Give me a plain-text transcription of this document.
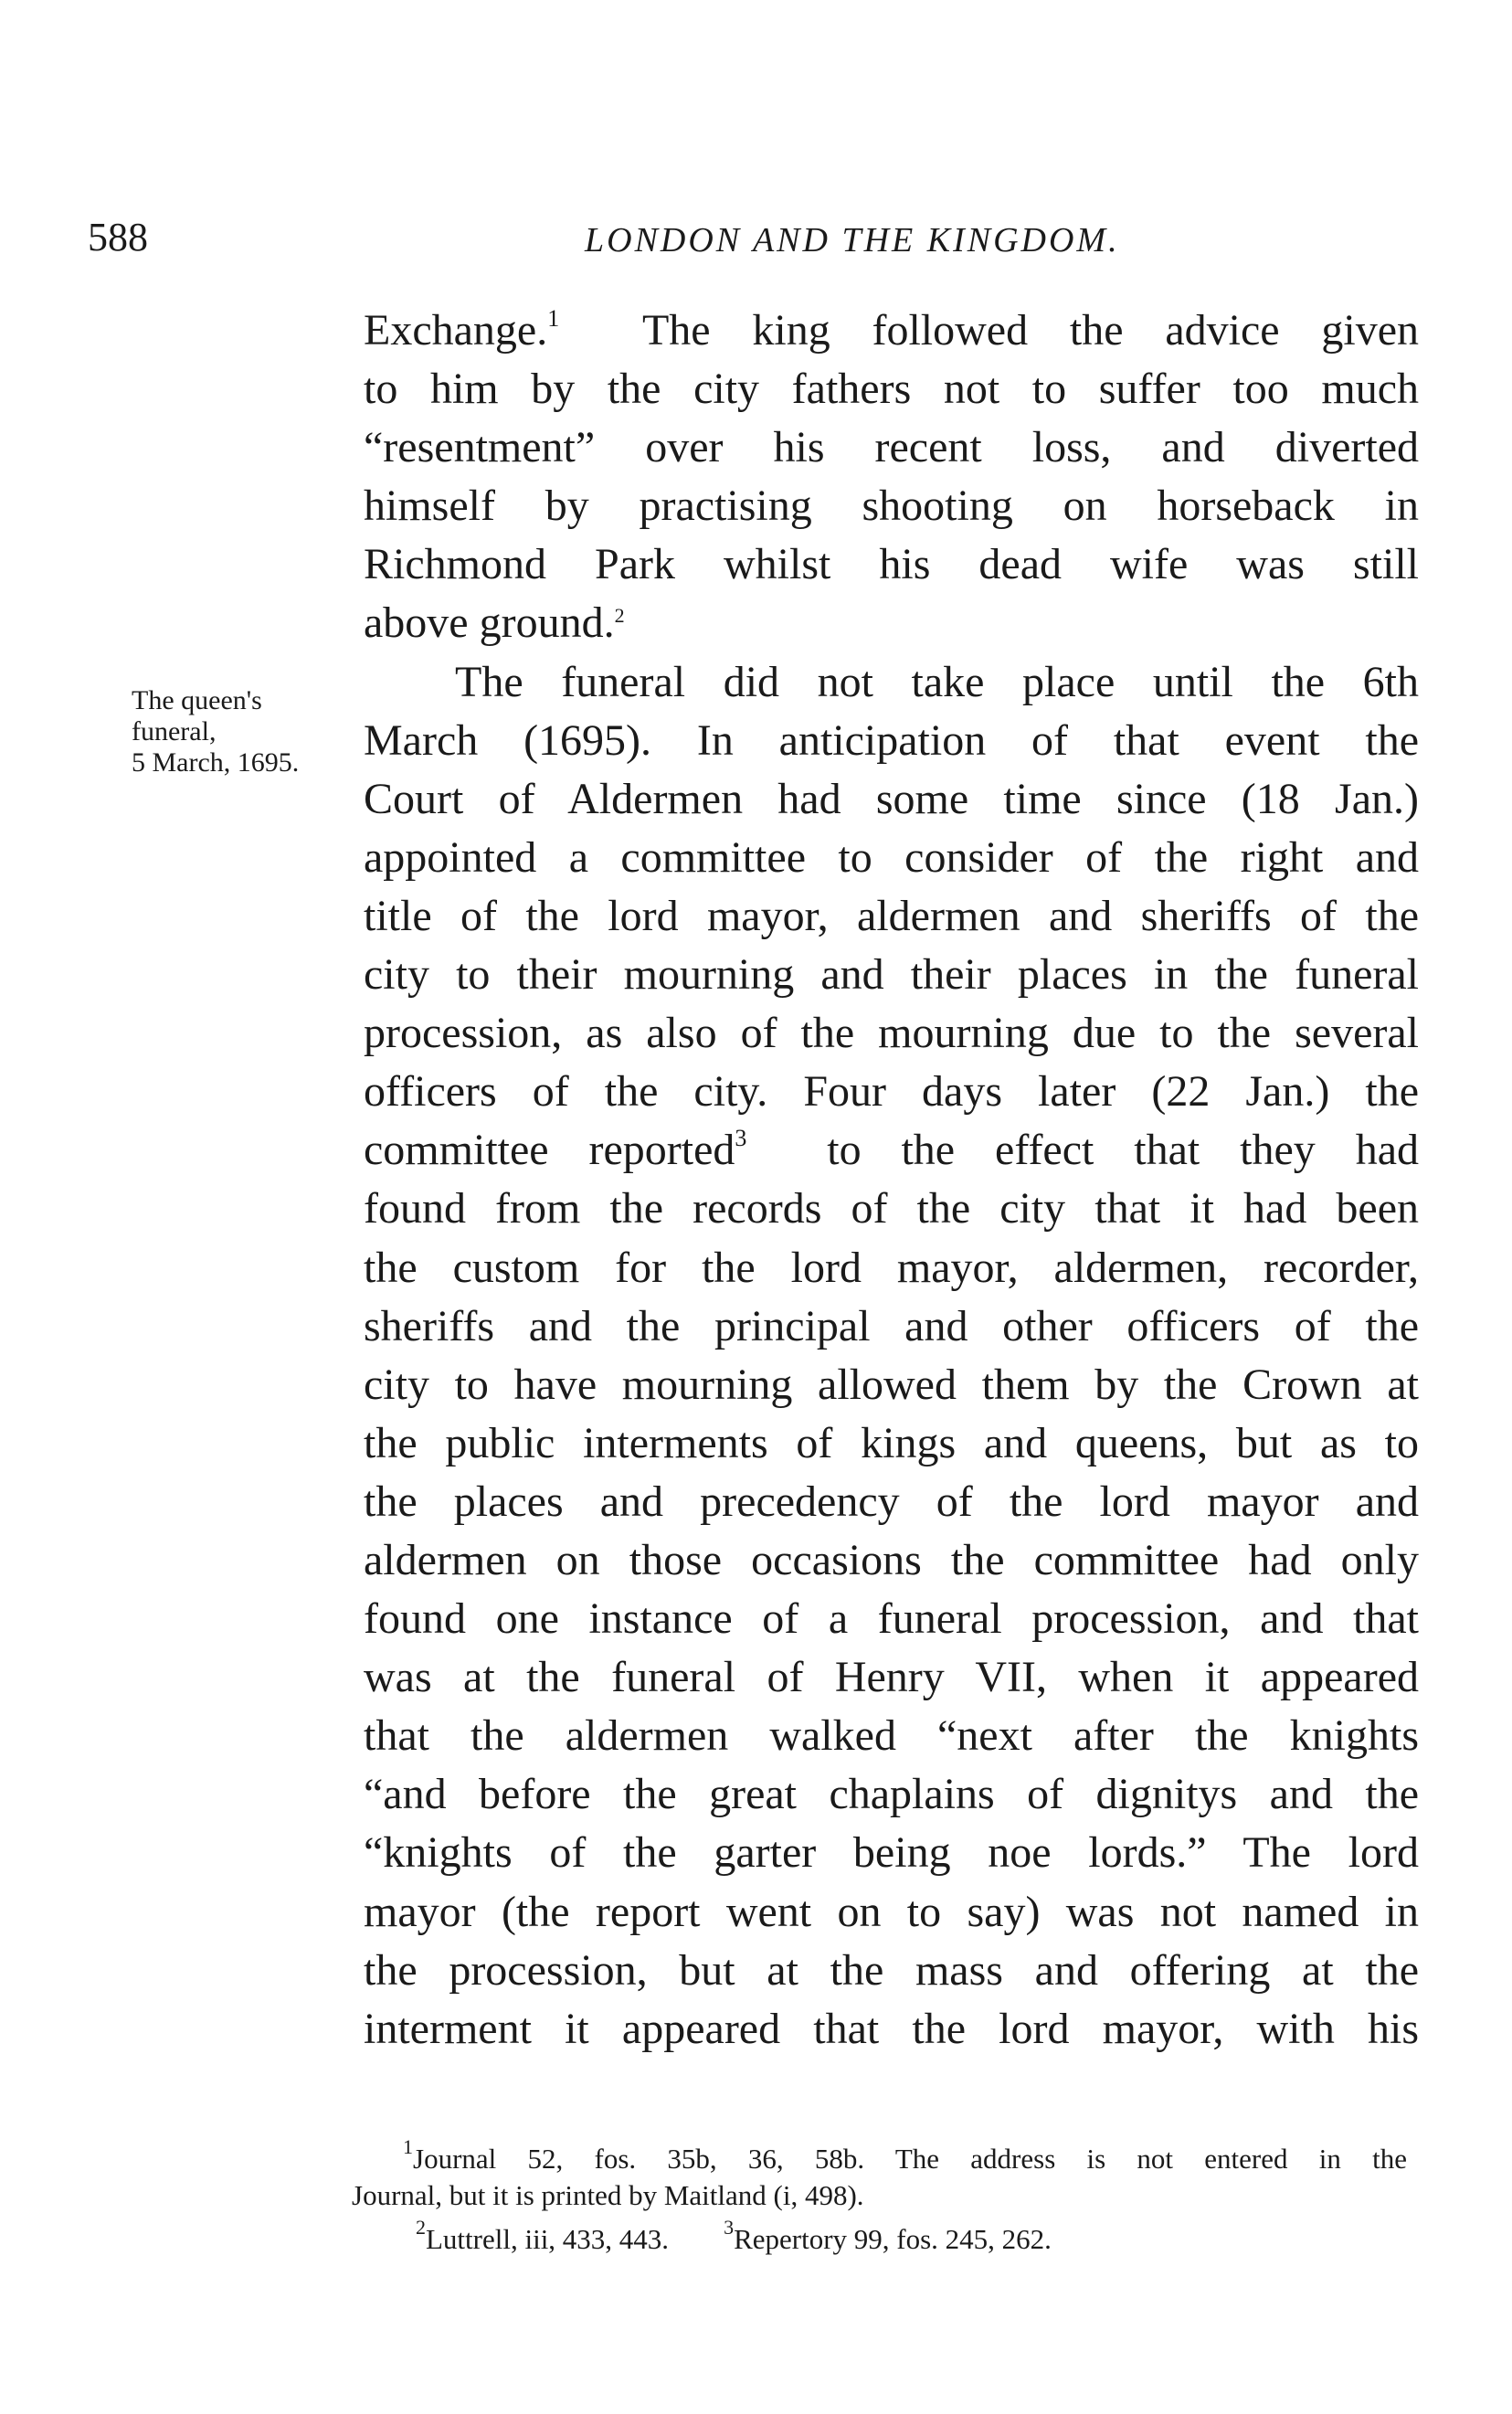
588	LONDON AND THE KINGDOM.
The queen's
funeral,
5 March, 1695.
Exchange.$^1$ The king followed the advice given
to him by the city fathers not to suffer too much
“resentment” over his recent loss, and diverted
himself by practising shooting on horseback in
Richmond Park whilst his dead wife was still
above ground.$^2$
The funeral did not take place until the 6th
March (1695). In anticipation of that event the
Court of Aldermen had some time since (18 Jan.)
appointed a committee to consider of the right and
title of the lord mayor, aldermen and sheriffs of the
city to their mourning and their places in the funeral
procession, as also of the mourning due to the several
officers of the city. Four days later (22 Jan.) the
committee reported$^3$ to the effect that they had
found from the records of the city that it had been
the custom for the lord mayor, aldermen, recorder,
sheriffs and the principal and other officers of the
city to have mourning allowed them by the Crown at
the public interments of kings and queens, but as to
the places and precedency of the lord mayor and
aldermen on those occasions the committee had only
found one instance of a funeral procession, and that
was at the funeral of Henry VII, when it appeared
that the aldermen walked “next after the knights
“and before the great chaplains of dignitys and the
“knights of the garter being noe lords.” The lord
mayor (the report went on to say) was not named in
the procession, but at the mass and offering at the
interment it appeared that the lord mayor, with his
$^1$Journal 52, fos. 35b, 36, 58b. The address is not entered in the
Journal, but it is printed by Maitland (i, 498).
$^2$Luttrell, iii, 433, 443.	$^3$Repertory 99, fos. 245, 262.
